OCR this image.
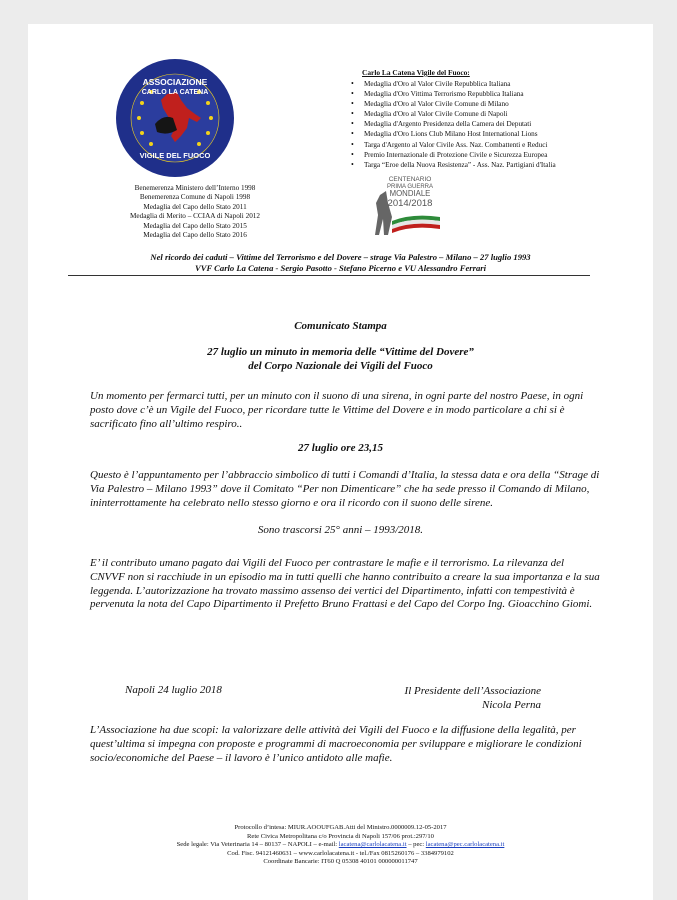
ASSOCIAZIONE
CARLO LA CATENA
VIGILE DEL FUOCO
Benemerenza Ministero dell’Interno 1998
Benemerenza Comune di Napoli 1998
Medaglia del Capo dello Stato 2011
Medaglia di Merito – CCIAA di Napoli 2012
Medaglia del Capo dello Stato 2015
Medaglia del Capo dello Stato 2016
Carlo La Catena Vigile del Fuoco:
• Medaglia d'Oro al Valor Civile Repubblica Italiana
• Medaglia d'Oro Vittima Terrorismo Repubblica Italiana
• Medaglia d'Oro al Valor Civile Comune di Milano
• Medaglia d'Oro al Valor Civile Comune di Napoli
• Medaglia d'Argento Presidenza della Camera dei Deputati
• Medaglia d'Oro Lions Club Milano Host International Lions
• Targa d'Argento al Valor Civile Ass. Naz. Combattenti e Reduci
• Premio Internazionale di Protezione Civile e Sicurezza Europea
• Targa “Eroe della Nuova Resistenza” - Ass. Naz. Partigiani d'Italia
CENTENARIO
PRIMA GUERRA
MONDIALE
2014/2018
Nel ricordo dei caduti – Vittime del Terrorismo e del Dovere – strage Via Palestro – Milano – 27 luglio 1993
VVF Carlo La Catena - Sergio Pasotto - Stefano Picerno e VU Alessandro Ferrari
Comunicato Stampa
27 luglio un minuto in memoria delle “Vittime del Dovere”
del Corpo Nazionale dei Vigili del Fuoco
Un momento per fermarci tutti, per un minuto con il suono di una sirena, in ogni parte del nostro Paese, in ogni posto dove c’è un Vigile del Fuoco, per ricordare tutte le Vittime del Dovere e in modo particolare a chi si è sacrificato fino all’ultimo respiro..
27 luglio ore 23,15
Questo è l’appuntamento per l’abbraccio simbolico di tutti i Comandi d’Italia, la stessa data e ora della “Strage di Via Palestro – Milano 1993” dove il Comitato “Per non Dimenticare” che ha sede presso il Comando di Milano, ininterrottamente ha celebrato nello stesso giorno e ora il ricordo con il suono delle sirene.
Sono trascorsi 25° anni – 1993/2018.
E’ il contributo umano pagato dai Vigili del Fuoco per contrastare le mafie e il terrorismo. La rilevanza del CNVVF non si racchiude in un episodio ma in tutti quelli che hanno contribuito a creare la sua importanza e la sua leggenda. L’autorizzazione ha trovato massimo assenso dei vertici del Dipartimento, infatti con tempestività è pervenuta la nota del Capo Dipartimento il Prefetto Bruno Frattasi e del Capo del Corpo Ing. Gioacchino Giomi.
Napoli 24 luglio 2018	Il Presidente dell’Associazione
Nicola Perna
L’Associazione ha due scopi: la valorizzare delle attività dei Vigili del Fuoco e la diffusione della legalità, per quest’ultima si impegna con proposte e programmi di macroeconomia per sviluppare e migliorare le condizioni socio/economiche del Paese – il lavoro è l’unico antidoto alle mafie.
Protocollo d’intesa: MIUR.AOOUFGAB.Atti del Ministro.0000009.12-05-2017
Rete Civica Metropolitana c/o Provincia di Napoli 157/06 prot.:297/10
Sede legale: Via Veterinaria 14 – 80137 – NAPOLI – e-mail: lacatena@carlolacatena.it – pec: lacatena@pec.carlolacatena.it
Cod. Fisc. 94121460631 – www.carlolacatena.it - tel./Fax 0815260176 – 3384979102
Coordinate Bancarie: IT60 Q 05308 40101 000000011747
